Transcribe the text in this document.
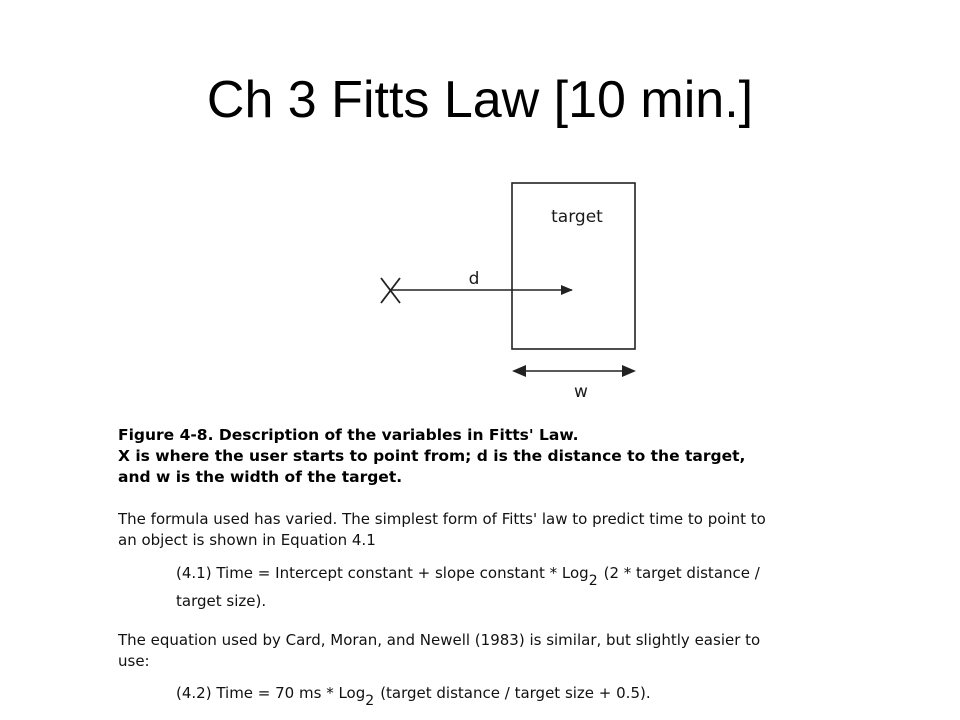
Ch 3 Fitts Law [10 min.]
target
d
w
Figure 4-8. Description of the variables in Fitts' Law.
X is where the user starts to point from; d is the distance to the target,
and w is the width of the target.
The formula used has varied. The simplest form of Fitts' law to predict time to point to
an object is shown in Equation 4.1
(4.1) Time = Intercept constant + slope constant * Log2 (2 * target distance /
target size).
The equation used by Card, Moran, and Newell (1983) is similar, but slightly easier to
use:
(4.2) Time = 70 ms * Log2 (target distance / target size + 0.5).
